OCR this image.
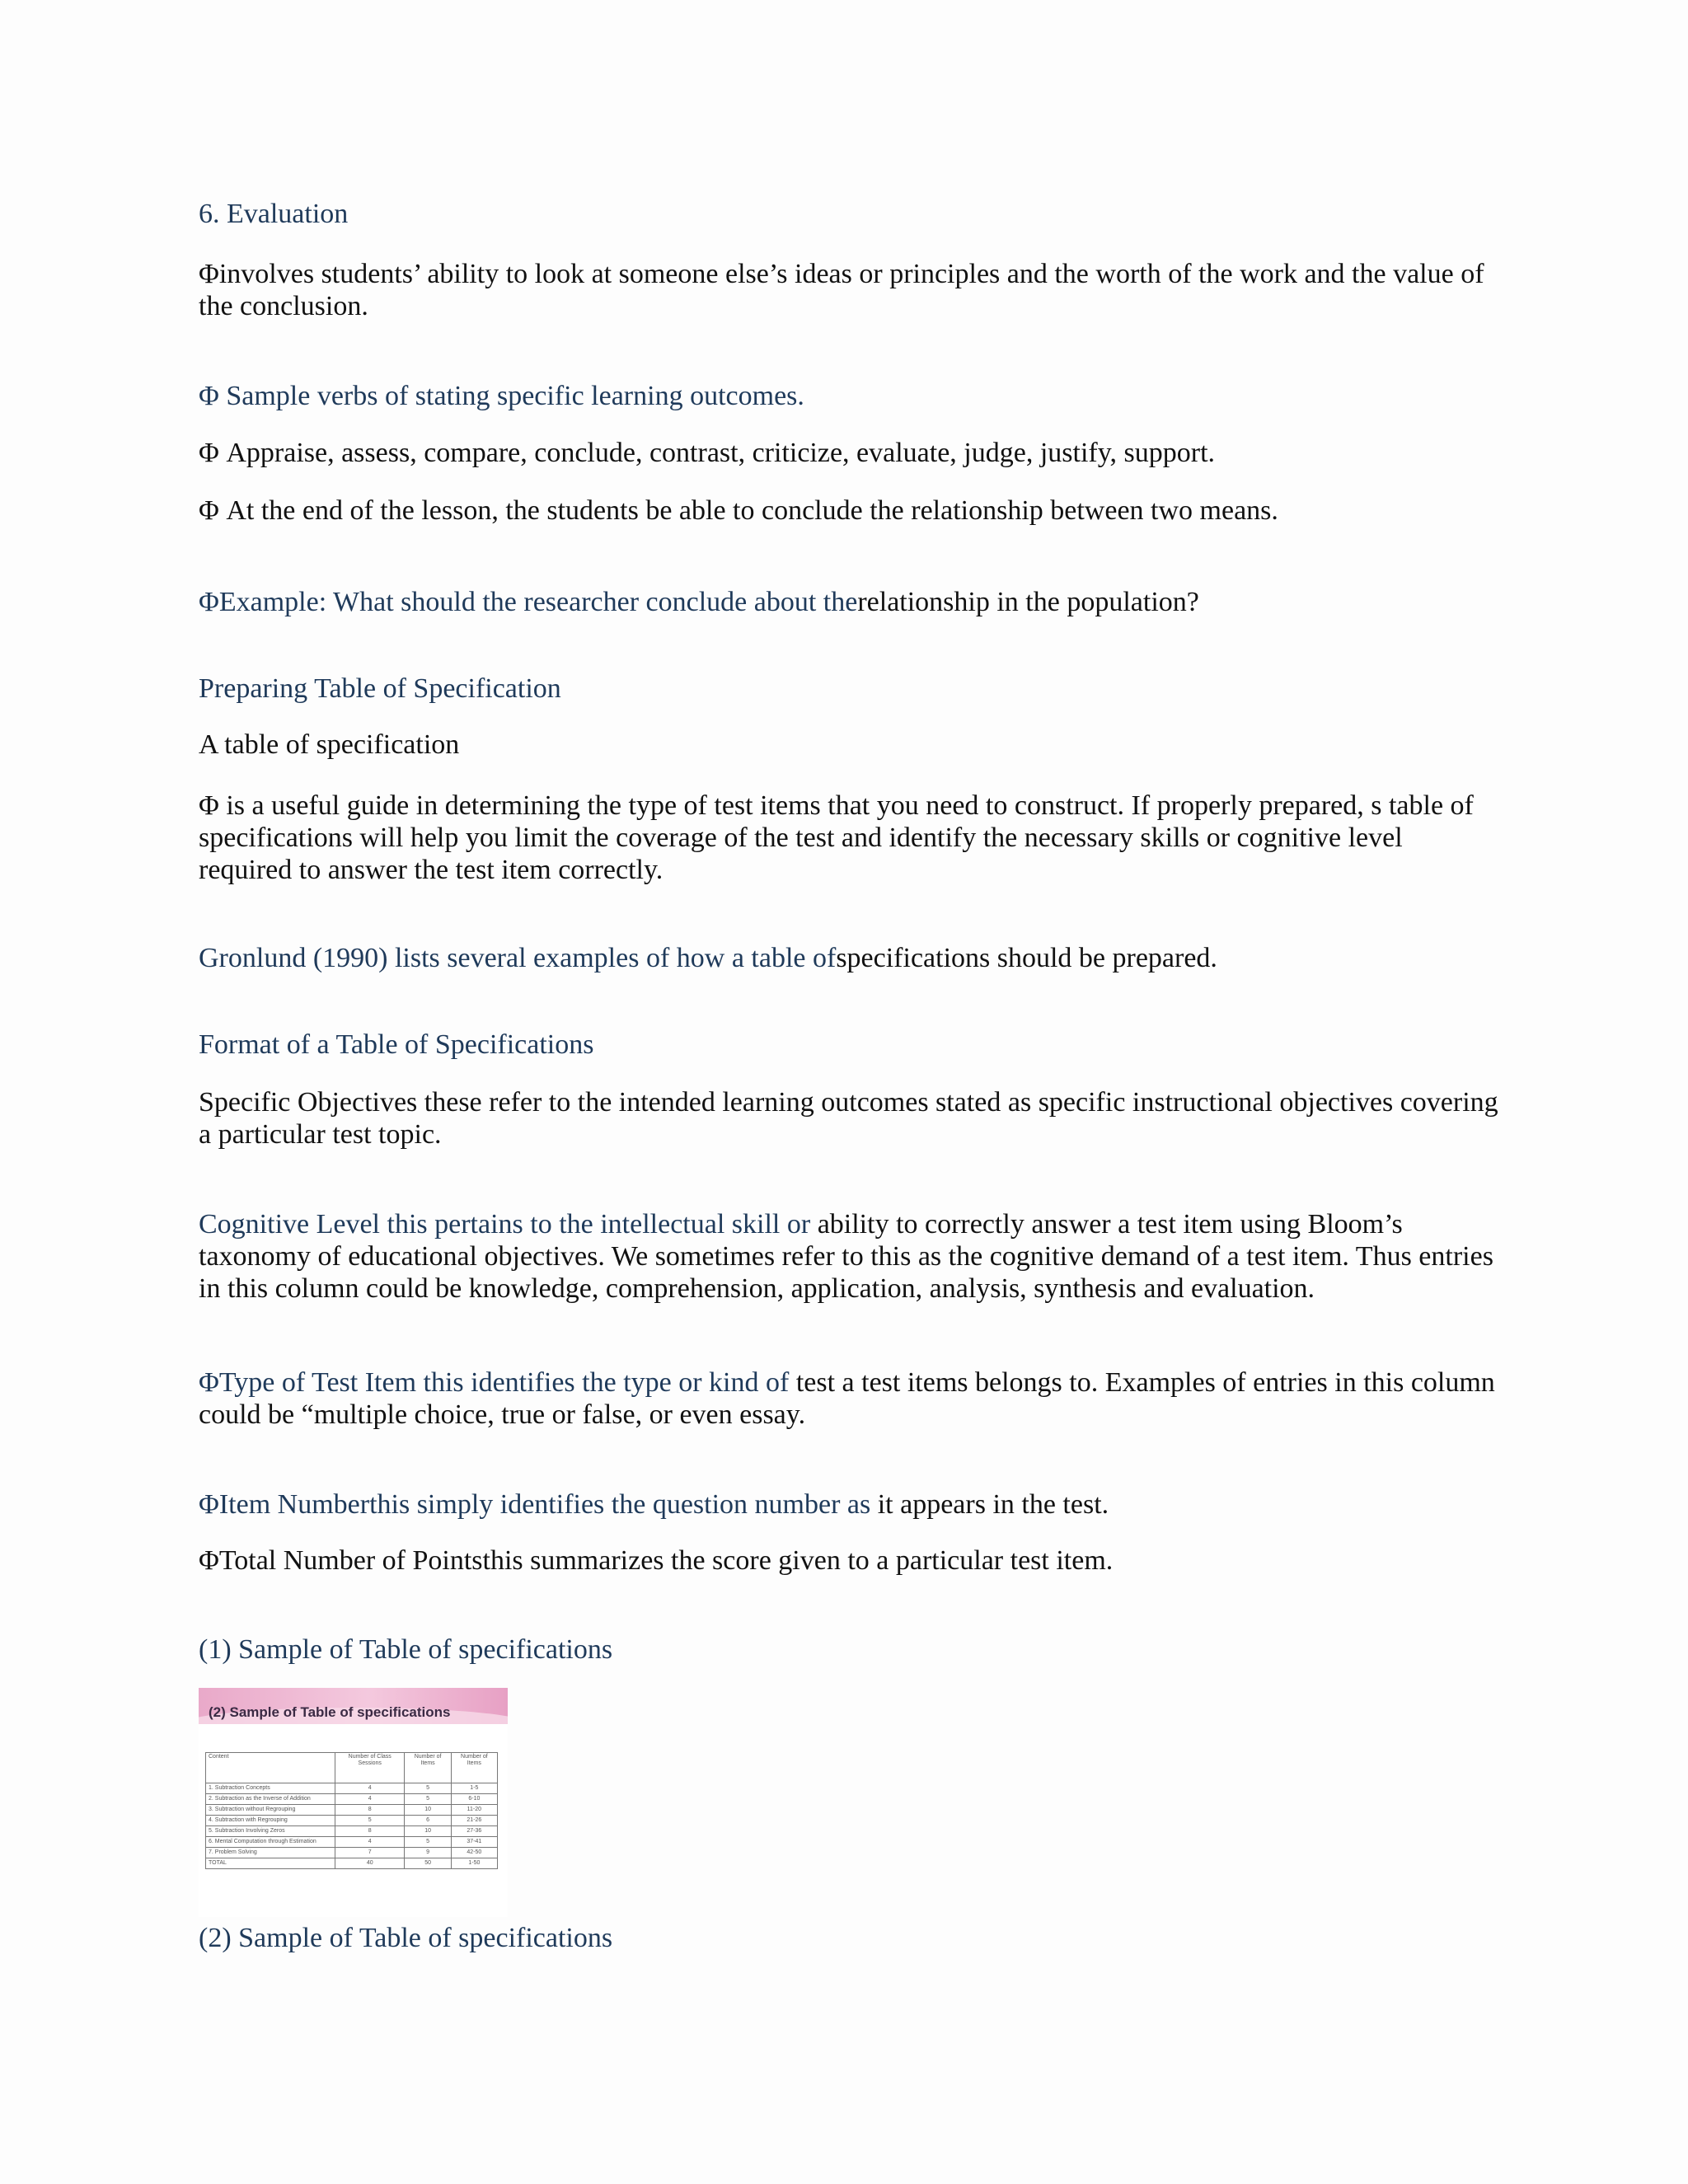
6. Evaluation
Φinvolves students’ ability to look at someone else’s ideas or principles and the worth of the work and the value of the conclusion.
Φ Sample verbs of stating specific learning outcomes.
Φ Appraise, assess, compare, conclude, contrast, criticize, evaluate, judge, justify, support.
Φ At the end of the lesson, the students be able to conclude the relationship between two means.
ΦExample: What should the researcher conclude about therelationship in the population?
Preparing Table of Specification
A table of specification
Φ is a useful guide in determining the type of test items that you need to construct. If properly prepared, s table of specifications will help you limit the coverage of the test and identify the necessary skills or cognitive level required to answer the test item correctly.
Gronlund (1990) lists several examples of how a table ofspecifications should be prepared.
Format of a Table of Specifications
Specific Objectives these refer to the intended learning outcomes stated as specific instructional objectives covering a particular test topic.
Cognitive Level this pertains to the intellectual skill or ability to correctly answer a test item using Bloom’s taxonomy of educational objectives. We sometimes refer to this as the cognitive demand of a test item. Thus entries in this column could be knowledge, comprehension, application, analysis, synthesis and evaluation.
ΦType of Test Item this identifies the type or kind of test a test items belongs to. Examples of entries in this column could be “multiple choice, true or false, or even essay.
ΦItem Numberthis simply identifies the question number as it appears in the test.
ΦTotal Number of Pointsthis summarizes the score given to a particular test item.
(1) Sample of Table of specifications
(2) Sample of Table of specifications
Content	Number of Class Sessions	Number of Items	Number of Items
1. Subtraction Concepts	4	5	1-5
2. Subtraction as the Inverse of Addition	4	5	6-10
3. Subtraction without Regrouping	8	10	11-20
4. Subtraction with Regrouping	5	6	21-26
5. Subtraction Involving Zeros	8	10	27-36
6. Mental Computation through Estimation	4	5	37-41
7. Problem Solving	7	9	42-50
TOTAL	40	50	1-50
(2) Sample of Table of specifications
